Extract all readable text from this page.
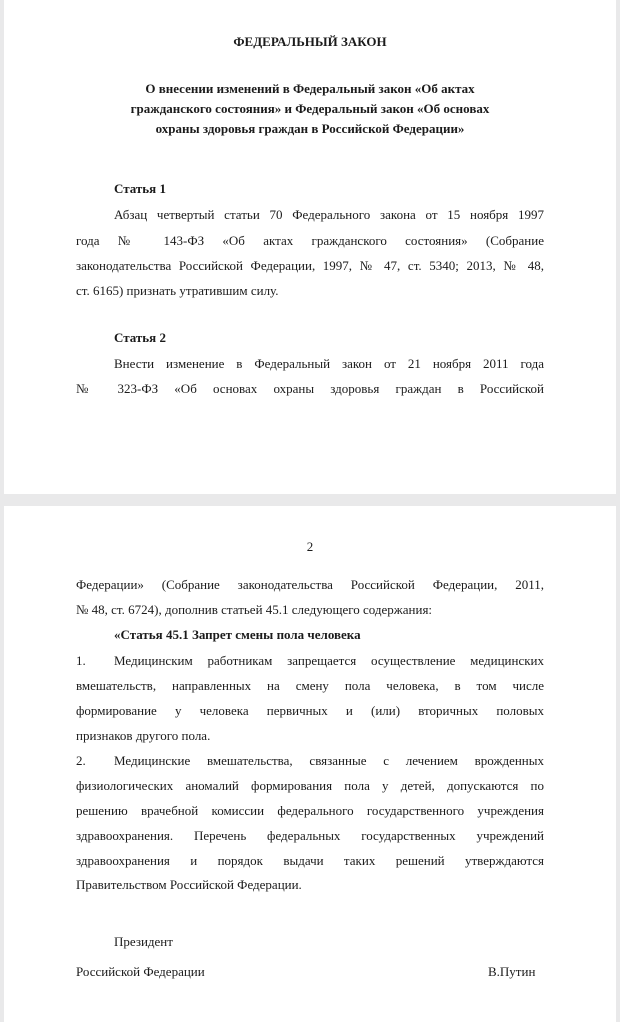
ФЕДЕРАЛЬНЫЙ ЗАКОН

О внесении изменений в Федеральный закон «Об актах

гражданского состояния» и Федеральный закон «Об основах

охраны здоровья граждан в Российской Федерации»

Статья 1

Абзац четвертый статьи 70 Федерального закона от 15 ноября 1997

года № 143-ФЗ «Об актах гражданского состояния» (Собрание

законодательства Российской Федерации, 1997, № 47, ст. 5340; 2013, № 48,

ст. 6165) признать утратившим силу.

Статья 2

Внести изменение в Федеральный закон от 21 ноября 2011 года

№ 323-ФЗ «Об основах охраны здоровья граждан в Российской

2

Федерации» (Собрание законодательства Российской Федерации, 2011,

№ 48, ст. 6724), дополнив статьей 45.1 следующего содержания:

«Статья 45.1 Запрет смены пола человека

1. Медицинским работникам запрещается осуществление медицинских

вмешательств, направленных на смену пола человека, в том числе

формирование у человека первичных и (или) вторичных половых

признаков другого пола.

2. Медицинские вмешательства, связанные с лечением врожденных

физиологических аномалий формирования пола у детей, допускаются по

решению врачебной комиссии федерального государственного учреждения

здравоохранения. Перечень федеральных государственных учреждений

здравоохранения и порядок выдачи таких решений утверждаются

Правительством Российской Федерации.

Президент

Российской Федерации	В.Путин
